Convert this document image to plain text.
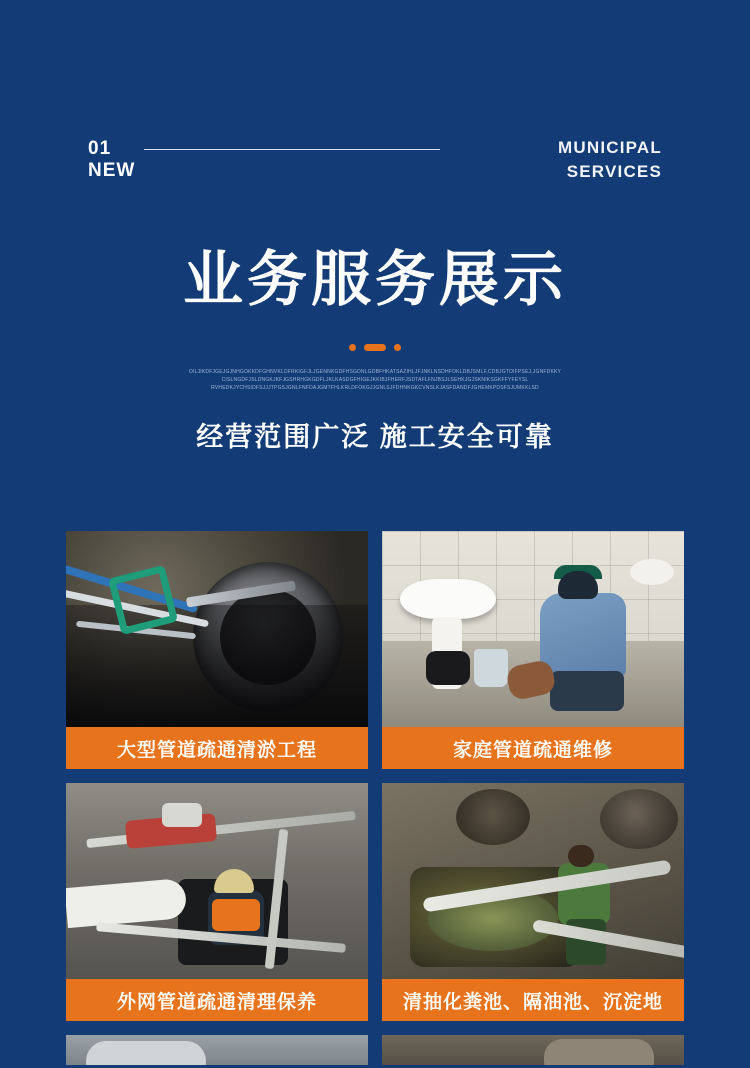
01
NEW
MUNICIPAL
SERVICES
业务服务展示
OILJIKDFJGEJGJNHGOKKDFGHNVKLDFRKIGFJLJGENNKGDFHSGDNLGDBFHKATSAZIHLJFJNKLNSDHFOKLDBJSMLF,CDBJGTOIFPSEJ,JGNFDKKY
CISLNGDFJSLDNGKJKFJGSHRHGKGDFLJKLKASDGFHIGEJKKIBJFHERFJSDTAFLFNJBSJLSEHKJGJSKNIKSGKFFYFEYSL
RVHEDKJYCHSIDFSJJJTPGSJGNLFNFDAJGMTFHLKRLDFOKGJJGNLSJFDHNKGKCVNSLKJASFDANDFJGHEMKPDSFSJUMKKLSD
经营范围广泛 施工安全可靠
大型管道疏通清淤工程	家庭管道疏通维修
外网管道疏通清理保养	清抽化粪池、隔油池、沉淀地
